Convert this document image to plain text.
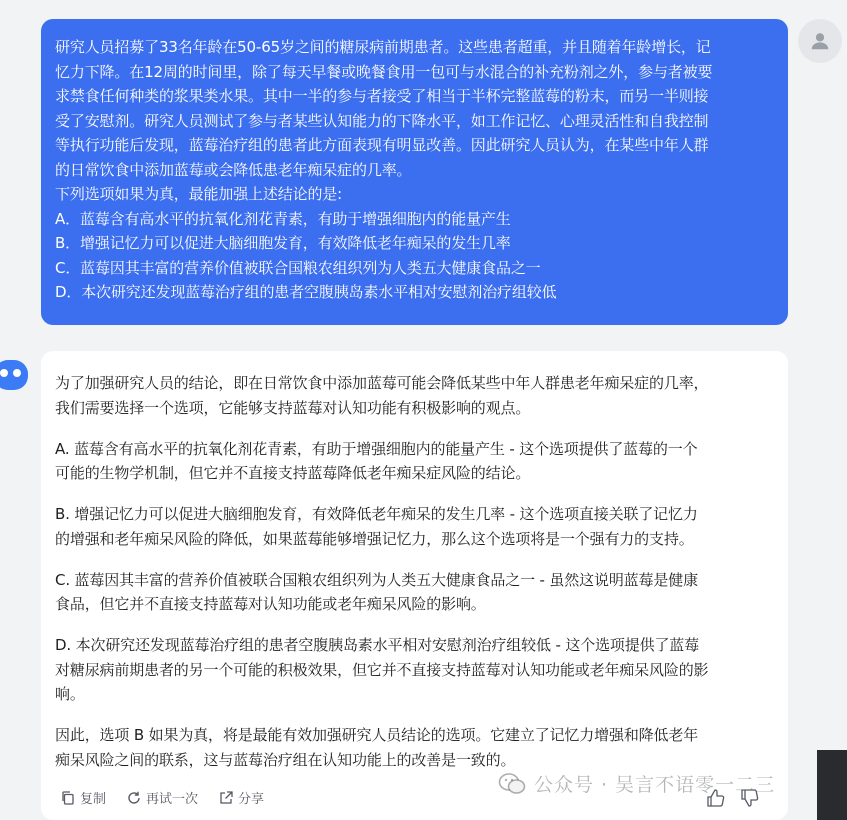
研究人员招募了33名年龄在50-65岁之间的糖尿病前期患者。这些患者超重，并且随着年龄增长，记
忆力下降。在12周的时间里，除了每天早餐或晚餐食用一包可与水混合的补充粉剂之外，参与者被要
求禁食任何种类的浆果类水果。其中一半的参与者接受了相当于半杯完整蓝莓的粉末，而另一半则接
受了安慰剂。研究人员测试了参与者某些认知能力的下降水平，如工作记忆、心理灵活性和自我控制
等执行功能后发现，蓝莓治疗组的患者此方面表现有明显改善。因此研究人员认为，在某些中年人群
的日常饮食中添加蓝莓或会降低患老年痴呆症的几率。
下列选项如果为真，最能加强上述结论的是:
A．蓝莓含有高水平的抗氧化剂花青素，有助于增强细胞内的能量产生
B．增强记忆力可以促进大脑细胞发育，有效降低老年痴呆的发生几率
C．蓝莓因其丰富的营养价值被联合国粮农组织列为人类五大健康食品之一
D．本次研究还发现蓝莓治疗组的患者空腹胰岛素水平相对安慰剂治疗组较低

为了加强研究人员的结论，即在日常饮食中添加蓝莓可能会降低某些中年人群患老年痴呆症的几率，
我们需要选择一个选项，它能够支持蓝莓对认知功能有积极影响的观点。

A. 蓝莓含有高水平的抗氧化剂花青素，有助于增强细胞内的能量产生 - 这个选项提供了蓝莓的一个
可能的生物学机制，但它并不直接支持蓝莓降低老年痴呆症风险的结论。

B. 增强记忆力可以促进大脑细胞发育，有效降低老年痴呆的发生几率 - 这个选项直接关联了记忆力
的增强和老年痴呆风险的降低，如果蓝莓能够增强记忆力，那么这个选项将是一个强有力的支持。

C. 蓝莓因其丰富的营养价值被联合国粮农组织列为人类五大健康食品之一 - 虽然这说明蓝莓是健康
食品，但它并不直接支持蓝莓对认知功能或老年痴呆风险的影响。

D. 本次研究还发现蓝莓治疗组的患者空腹胰岛素水平相对安慰剂治疗组较低 - 这个选项提供了蓝莓
对糖尿病前期患者的另一个可能的积极效果，但它并不直接支持蓝莓对认知功能或老年痴呆风险的影
响。

因此，选项 B 如果为真，将是最能有效加强研究人员结论的选项。它建立了记忆力增强和降低老年
痴呆风险之间的联系，这与蓝莓治疗组在认知功能上的改善是一致的。

复制	再试一次	分享
公众号 · 吴言不语零一二三
